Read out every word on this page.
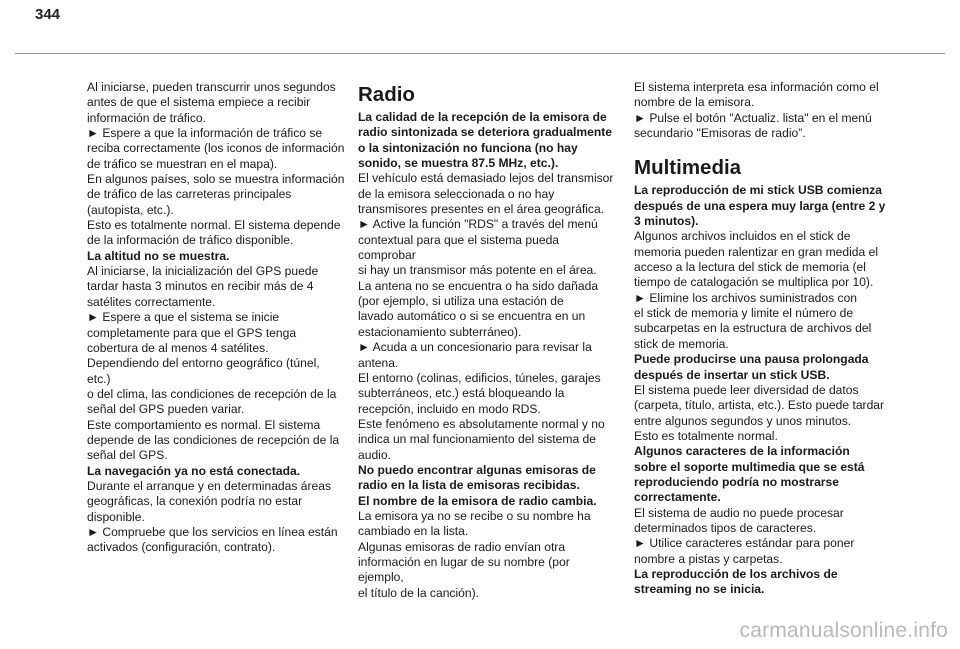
344

Al iniciarse, pueden transcurrir unos segundos

antes de que el sistema empiece a recibir

información de tráfico.

► Espere a que la información de tráfico se

reciba correctamente (los iconos de información

de tráfico se muestran en el mapa).

En algunos países, solo se muestra información

de tráfico de las carreteras principales

(autopista, etc.).

Esto es totalmente normal. El sistema depende

de la información de tráfico disponible.

La altitud no se muestra.

Al iniciarse, la inicialización del GPS puede

tardar hasta 3 minutos en recibir más de 4

satélites correctamente.

► Espere a que el sistema se inicie

completamente para que el GPS tenga

cobertura de al menos 4 satélites.

Dependiendo del entorno geográfico (túnel, etc.)

o del clima, las condiciones de recepción de la

señal del GPS pueden variar.

Este comportamiento es normal. El sistema

depende de las condiciones de recepción de la

señal del GPS.

La navegación ya no está conectada.

Durante el arranque y en determinadas áreas

geográficas, la conexión podría no estar

disponible.

► Compruebe que los servicios en línea están

activados (configuración, contrato).

Radio

La calidad de la recepción de la emisora de

radio sintonizada se deteriora gradualmente

o la sintonización no funciona (no hay

sonido, se muestra 87.5 MHz, etc.).

El vehículo está demasiado lejos del transmisor

de la emisora seleccionada o no hay

transmisores presentes en el área geográfica.

► Active la función "RDS" a través del menú

contextual para que el sistema pueda comprobar

si hay un transmisor más potente en el área.

La antena no se encuentra o ha sido dañada

(por ejemplo, si utiliza una estación de

lavado automático o si se encuentra en un

estacionamiento subterráneo).

► Acuda a un concesionario para revisar la

antena.

El entorno (colinas, edificios, túneles, garajes

subterráneos, etc.) está bloqueando la

recepción, incluido en modo RDS.

Este fenómeno es absolutamente normal y no

indica un mal funcionamiento del sistema de

audio.

No puedo encontrar algunas emisoras de

radio en la lista de emisoras recibidas.

El nombre de la emisora de radio cambia.

La emisora ya no se recibe o su nombre ha

cambiado en la lista.

Algunas emisoras de radio envían otra

información en lugar de su nombre (por ejemplo,

el título de la canción).

El sistema interpreta esa información como el

nombre de la emisora.

► Pulse el botón "Actualiz. lista" en el menú

secundario "Emisoras de radio”.

Multimedia

La reproducción de mi stick USB comienza

después de una espera muy larga (entre 2 y

3 minutos).

Algunos archivos incluidos en el stick de

memoria pueden ralentizar en gran medida el

acceso a la lectura del stick de memoria (el

tiempo de catalogación se multiplica por 10).

► Elimine los archivos suministrados con

el stick de memoria y limite el número de

subcarpetas en la estructura de archivos del

stick de memoria.

Puede producirse una pausa prolongada

después de insertar un stick USB.

El sistema puede leer diversidad de datos

(carpeta, título, artista, etc.). Esto puede tardar

entre algunos segundos y unos minutos.

Esto es totalmente normal.

Algunos caracteres de la información

sobre el soporte multimedia que se está

reproduciendo podría no mostrarse

correctamente.

El sistema de audio no puede procesar

determinados tipos de caracteres.

► Utilice caracteres estándar para poner

nombre a pistas y carpetas.

La reproducción de los archivos de

streaming no se inicia.

carmanualsonline.info
